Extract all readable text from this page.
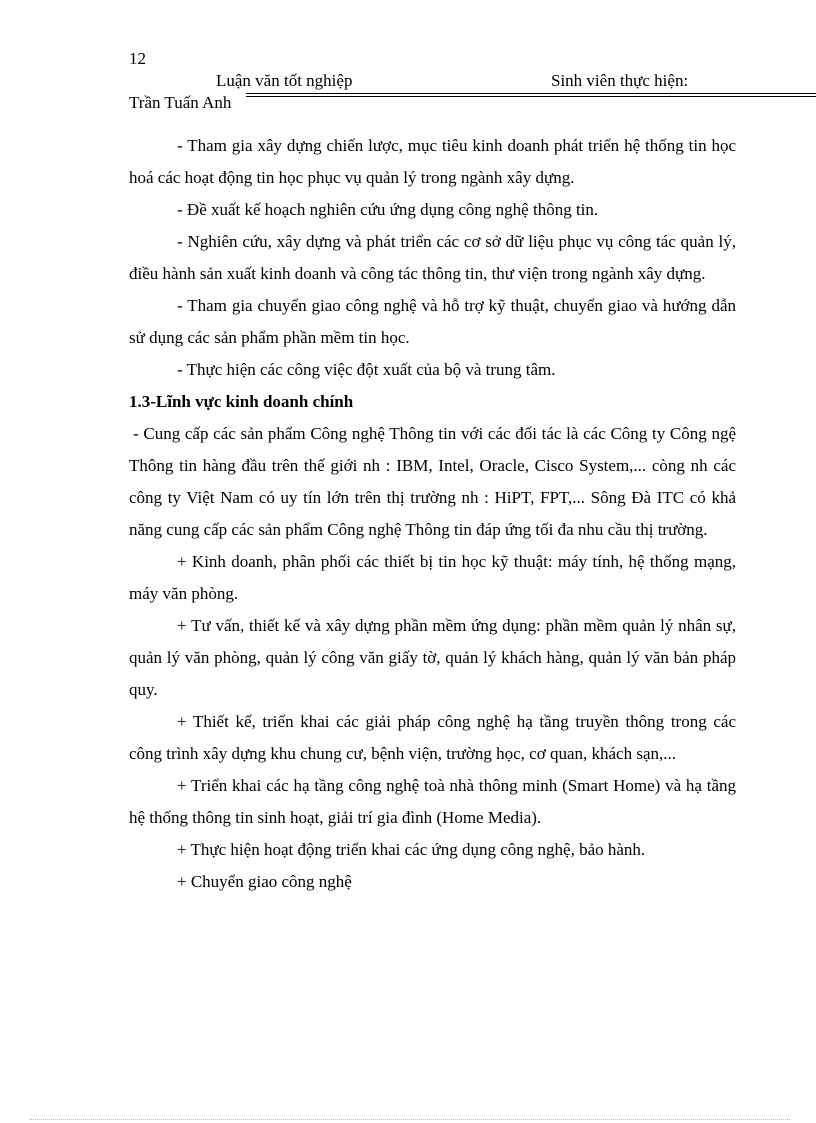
12
Luận văn tốt nghiệp	Sinh viên thực hiện:
Trần Tuấn Anh

- Tham gia xây dựng chiến lược, mục tiêu kinh doanh phát triển hệ thống tin học hoá các hoạt động tin học phục vụ quản lý trong ngành xây dựng.

- Đề xuất kế hoạch nghiên cứu ứng dụng công nghệ thông tin.

- Nghiên cứu, xây dựng và phát triển các cơ sở dữ liệu phục vụ công tác quản lý, điều hành sản xuất kinh doanh và công tác thông tin, thư viện trong ngành xây dựng.

- Tham gia chuyển giao công nghệ và hỗ trợ kỹ thuật, chuyển giao và hướng dẫn sử dụng các sản phẩm phần mềm tin học.

- Thực hiện các công việc đột xuất của bộ và trung tâm.

1.3-Lĩnh vực kinh doanh chính

- Cung cấp các sản phẩm Công nghệ Thông tin với các đối tác là các Công ty Công ngệ Thông tin hàng đầu trên thế giới nh : IBM, Intel, Oracle, Cisco System,... còng nh các công ty Việt Nam có uy tín lớn trên thị trường nh : HiPT, FPT,... Sông Đà ITC có khả năng cung cấp các sản phẩm Công nghệ Thông tin đáp ứng tối đa nhu cầu thị trường.

+ Kinh doanh, phân phối các thiết bị tin học kỹ thuật: máy tính, hệ thống mạng, máy văn phòng.

+ Tư vấn, thiết kế và xây dựng phần mềm ứng dụng: phần mềm quản lý nhân sự, quản lý văn phòng, quản lý công văn giấy tờ, quản lý khách hàng, quản lý văn bản pháp quy.

+ Thiết kế, triển khai các giải pháp công nghệ hạ tầng truyền thông trong các công trình xây dựng khu chung cư, bệnh viện, trường học, cơ quan, khách sạn,...

+ Triển khai các hạ tầng công nghệ toà nhà thông minh (Smart Home) và hạ tầng hệ thống thông tin sinh hoạt, giải trí gia đình (Home Media).

+ Thực hiện hoạt động triển khai các ứng dụng công nghệ, bảo hành.

+ Chuyển giao công nghệ
